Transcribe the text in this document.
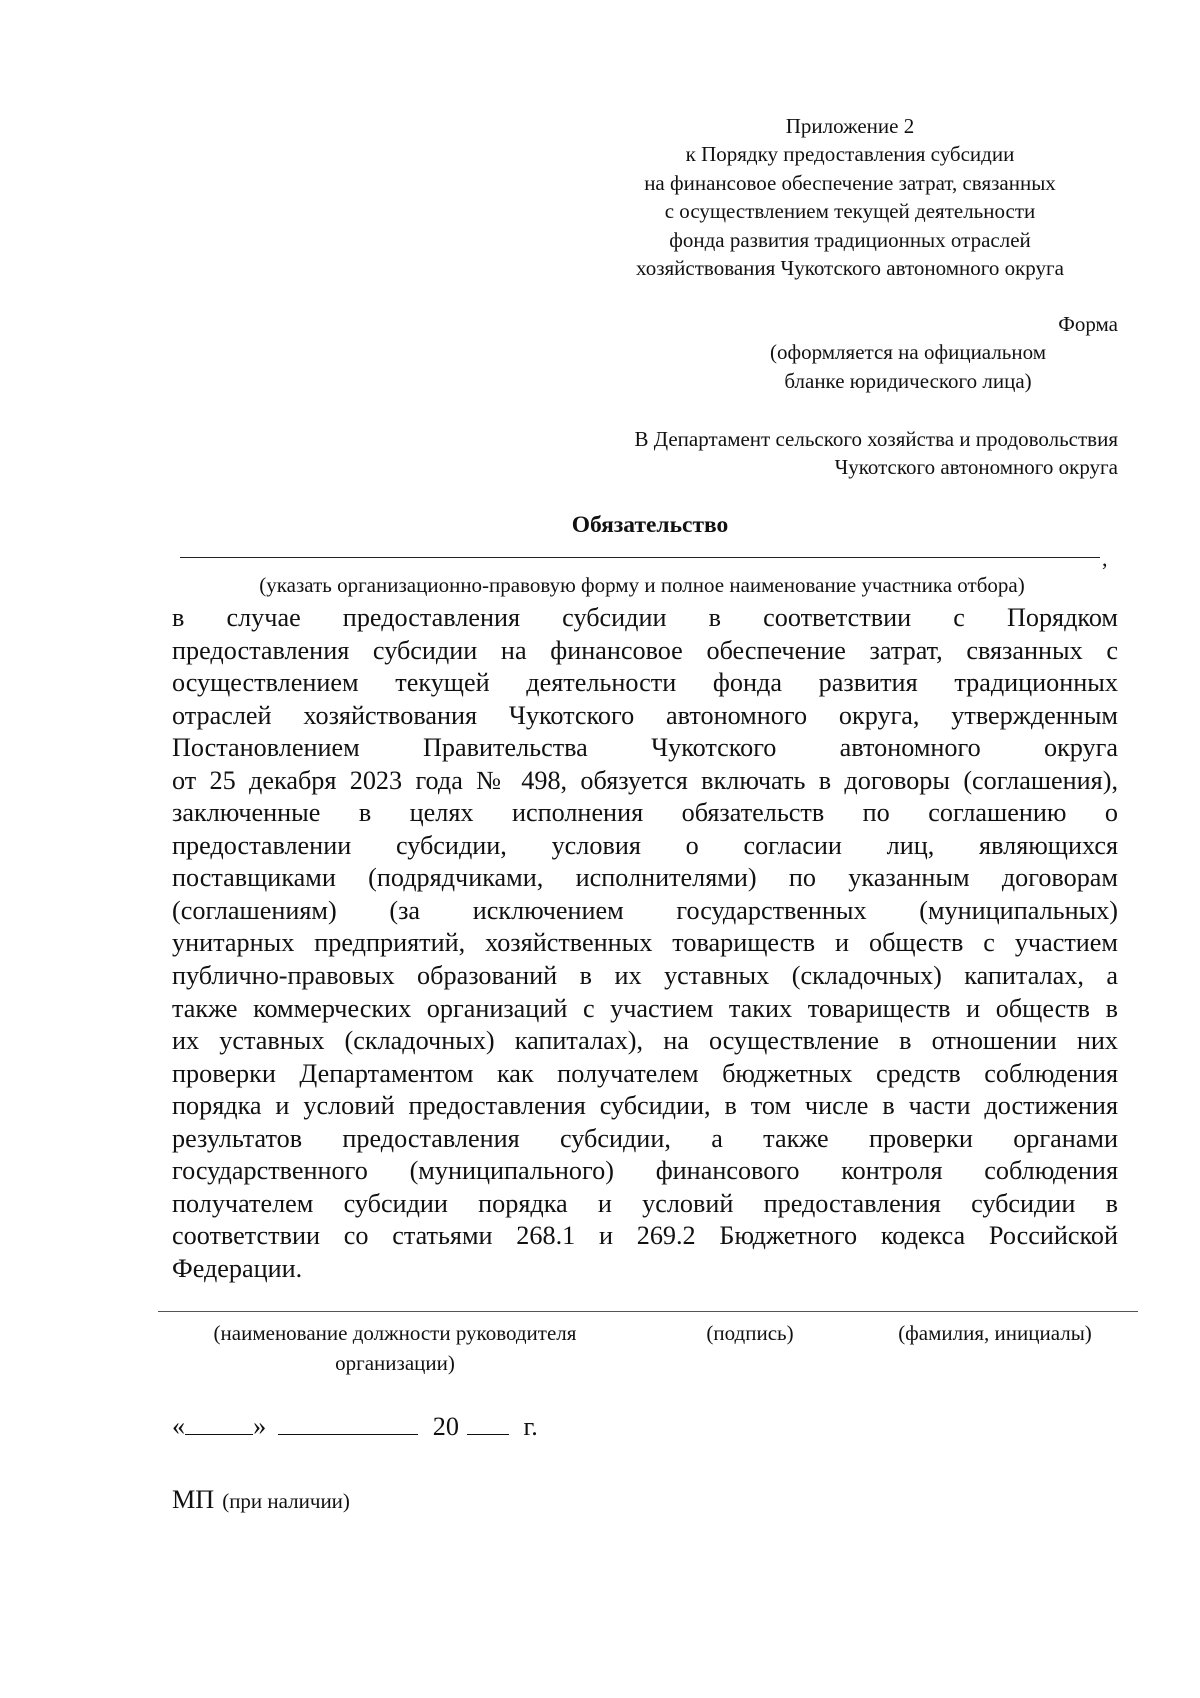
Приложение 2
к Порядку предоставления субсидии
на финансовое обеспечение затрат, связанных
с осуществлением текущей деятельности
фонда развития традиционных отраслей
хозяйствования Чукотского автономного округа
Форма
(оформляется на официальном
бланке юридического лица)
В Департамент сельского хозяйства и продовольствия
Чукотского автономного округа
Обязательство
,
(указать организационно-правовую форму и полное наименование участника отбора)
в случае предоставления субсидии в соответствии с Порядком
предоставления субсидии на финансовое обеспечение затрат, связанных с
осуществлением текущей деятельности фонда развития традиционных
отраслей хозяйствования Чукотского автономного округа, утвержденным
Постановлением Правительства Чукотского автономного округа
от 25 декабря 2023 года № 498, обязуется включать в договоры (соглашения),
заключенные в целях исполнения обязательств по соглашению о
предоставлении субсидии, условия о согласии лиц, являющихся
поставщиками (подрядчиками, исполнителями) по указанным договорам
(соглашениям) (за исключением государственных (муниципальных)
унитарных предприятий, хозяйственных товариществ и обществ с участием
публично-правовых образований в их уставных (складочных) капиталах, а
также коммерческих организаций с участием таких товариществ и обществ в
их уставных (складочных) капиталах), на осуществление в отношении них
проверки Департаментом как получателем бюджетных средств соблюдения
порядка и условий предоставления субсидии, в том числе в части достижения
результатов предоставления субсидии, а также проверки органами
государственного (муниципального) финансового контроля соблюдения
получателем субсидии порядка и условий предоставления субсидии в
соответствии со статьями 268.1 и 269.2 Бюджетного кодекса Российской
Федерации.
(наименование должности руководителя
организации)
(подпись)	(фамилия, инициалы)
«	»	20 г.
МП (при наличии)
